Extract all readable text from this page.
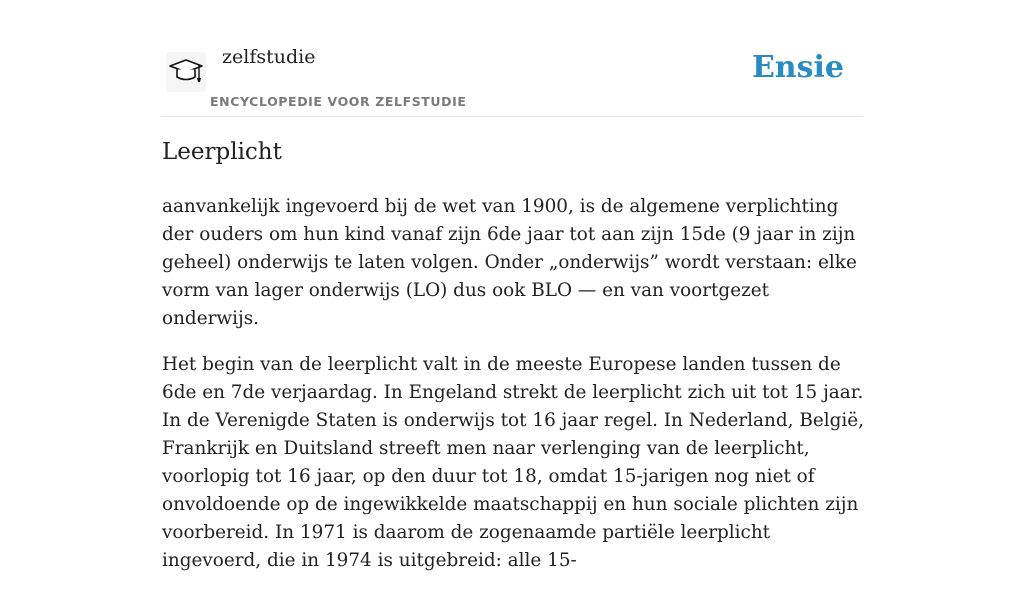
zelfstudie
ENCYCLOPEDIE VOOR ZELFSTUDIE
Ensie
Leerplicht

aanvankelijk ingevoerd bij de wet van 1900, is de algemene verplichting der ouders om hun kind vanaf zijn 6de jaar tot aan zijn 15de (9 jaar in zijn geheel) onderwijs te laten volgen. Onder „onderwijs” wordt verstaan: elke vorm van lager onderwijs (LO) dus ook BLO — en van voortgezet onderwijs.

Het begin van de leerplicht valt in de meeste Europese landen tussen de 6de en 7de verjaardag. In Engeland strekt de leerplicht zich uit tot 15 jaar. In de Verenigde Staten is onderwijs tot 16 jaar regel. In Nederland, België, Frankrijk en Duitsland streeft men naar verlenging van de leerplicht, voorlopig tot 16 jaar, op den duur tot 18, omdat 15-jarigen nog niet of onvoldoende op de ingewikkelde maatschappij en hun sociale plichten zijn voorbereid. In 1971 is daarom de zogenaamde partiële leerplicht ingevoerd, die in 1974 is uitgebreid: alle 15-
